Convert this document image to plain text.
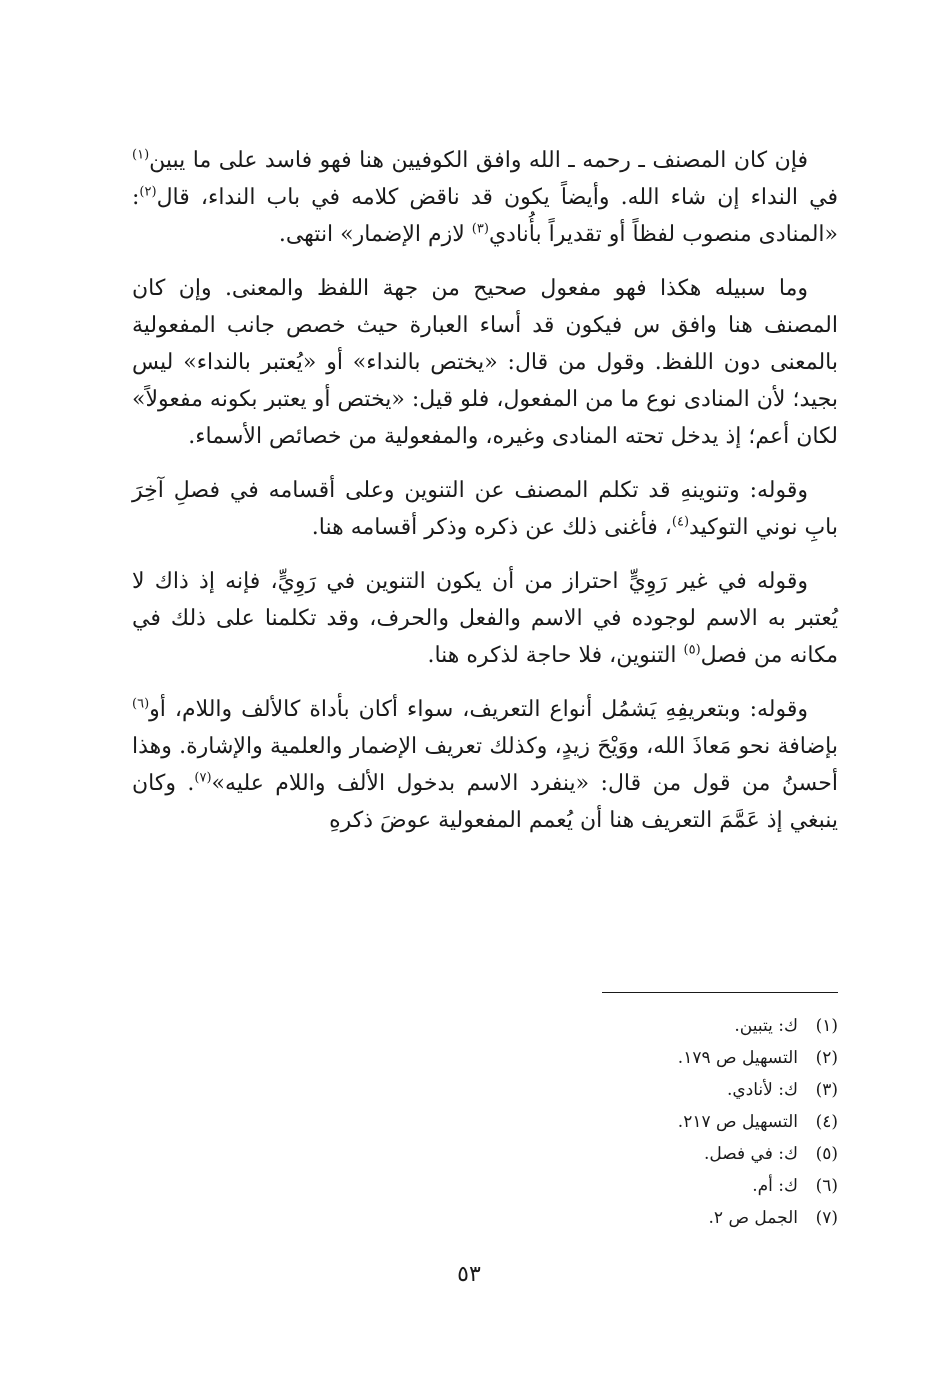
فإن كان المصنف ـ رحمه ـ الله وافق الكوفيين هنا فهو فاسد على ما يبين$^{(١)}$ في النداء إن شاء الله. وأيضاً يكون قد ناقض كلامه في باب النداء، قال$^{(٢)}$: «المنادى منصوب لفظاً أو تقديراً بأُنادي$^{(٣)}$ لازم الإضمار» انتهى.

وما سبيله هكذا فهو مفعول صحيح من جهة اللفظ والمعنى. وإن كان المصنف هنا وافق س فيكون قد أساء العبارة حيث خصص جانب المفعولية بالمعنى دون اللفظ. وقول من قال: «يختص بالنداء» أو «يُعتبر بالنداء» ليس بجيد؛ لأن المنادى نوع ما من المفعول، فلو قيل: «يختص أو يعتبر بكونه مفعولاً» لكان أعم؛ إذ يدخل تحته المنادى وغيره، والمفعولية من خصائص الأسماء.

وقوله: وتنوينهِ قد تكلم المصنف عن التنوين وعلى أقسامه في فصلِ آخِرَ بابِ نوني التوكيد$^{(٤)}$، فأغنى ذلك عن ذكره وذكر أقسامه هنا.

وقوله في غير رَوِيٍّ احتراز من أن يكون التنوين في رَوِيٍّ، فإنه إذ ذاك لا يُعتبر به الاسم لوجوده في الاسم والفعل والحرف، وقد تكلمنا على ذلك في مكانه من فصل$^{(٥)}$ التنوين، فلا حاجة لذكره هنا.

وقوله: وبتعريفِهِ يَشمُل أنواع التعريف، سواء أكان بأداة كالألف واللام، أو$^{(٦)}$ بإضافة نحو مَعاذَ الله، ووَيْحَ زيدٍ، وكذلك تعريف الإضمار والعلمية والإشارة. وهذا أحسنُ من قول من قال: «ينفرد الاسم بدخول الألف واللام عليه»$^{(٧)}$. وكان ينبغي إذ عَمَّمَ التعريف هنا أن يُعمم المفعولية عوضَ ذكرهِ

(١)ك: يتبين.
(٢)التسهيل ص ١٧٩.
(٣)ك: لأنادي.
(٤)التسهيل ص ٢١٧.
(٥)ك: في فصل.
(٦)ك: أم.
(٧)الجمل ص ٢.
٥٣
